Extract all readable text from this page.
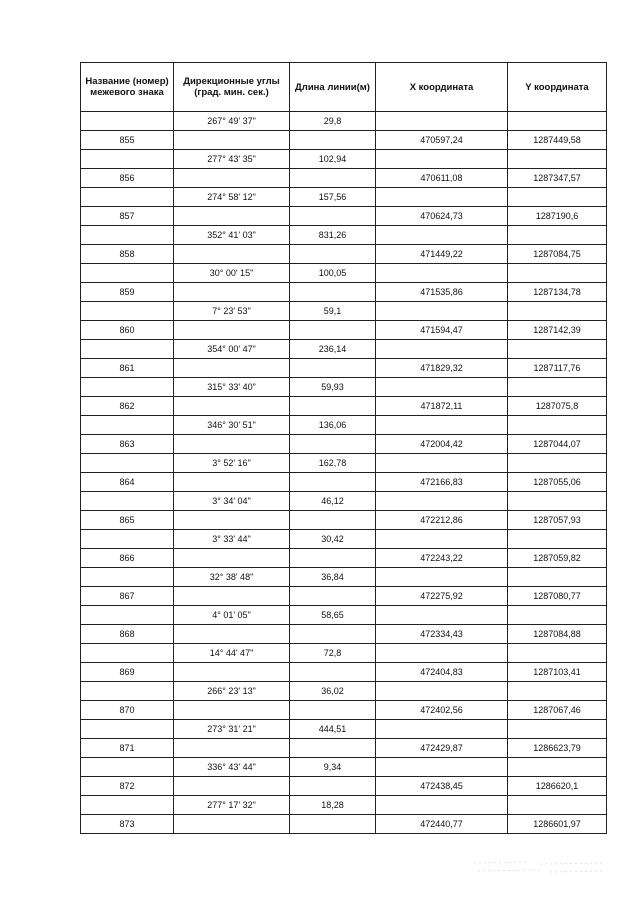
Название (номер) межевого знака	Дирекционные углы (град. мин. сек.)	Длина линии(м)	X координата	Y координата
	267° 49' 37"	29,8		
855			470597,24	1287449,58
	277° 43' 35"	102,94		
856			470611,08	1287347,57
	274° 58' 12"	157,56		
857			470624,73	1287190,6
	352° 41' 03"	831,26		
858			471449,22	1287084,75
	30° 00' 15"	100,05		
859			471535,86	1287134,78
	7° 23' 53"	59,1		
860			471594,47	1287142,39
	354° 00' 47"	236,14		
861			471829,32	1287117,76
	315° 33' 40"	59,93		
862			471872,11	1287075,8
	346° 30' 51"	136,06		
863			472004,42	1287044,07
	3° 52' 16"	162,78		
864			472166,83	1287055,06
	3° 34' 04"	46,12		
865			472212,86	1287057,93
	3° 33' 44"	30,42		
866			472243,22	1287059,82
	32° 38' 48"	36,84		
867			472275,92	1287080,77
	4° 01' 05"	58,65		
868			472334,43	1287084,88
	14° 44' 47"	72,8		
869			472404,83	1287103,41
	266° 23' 13"	36,02		
870			472402,56	1287067,46
	273° 31' 21"	444,51		
871			472429,87	1286623,79
	336° 43' 44"	9,34		
872			472438,45	1286620,1
	277° 17' 32"	18,28		
873			472440,77	1286601,97
